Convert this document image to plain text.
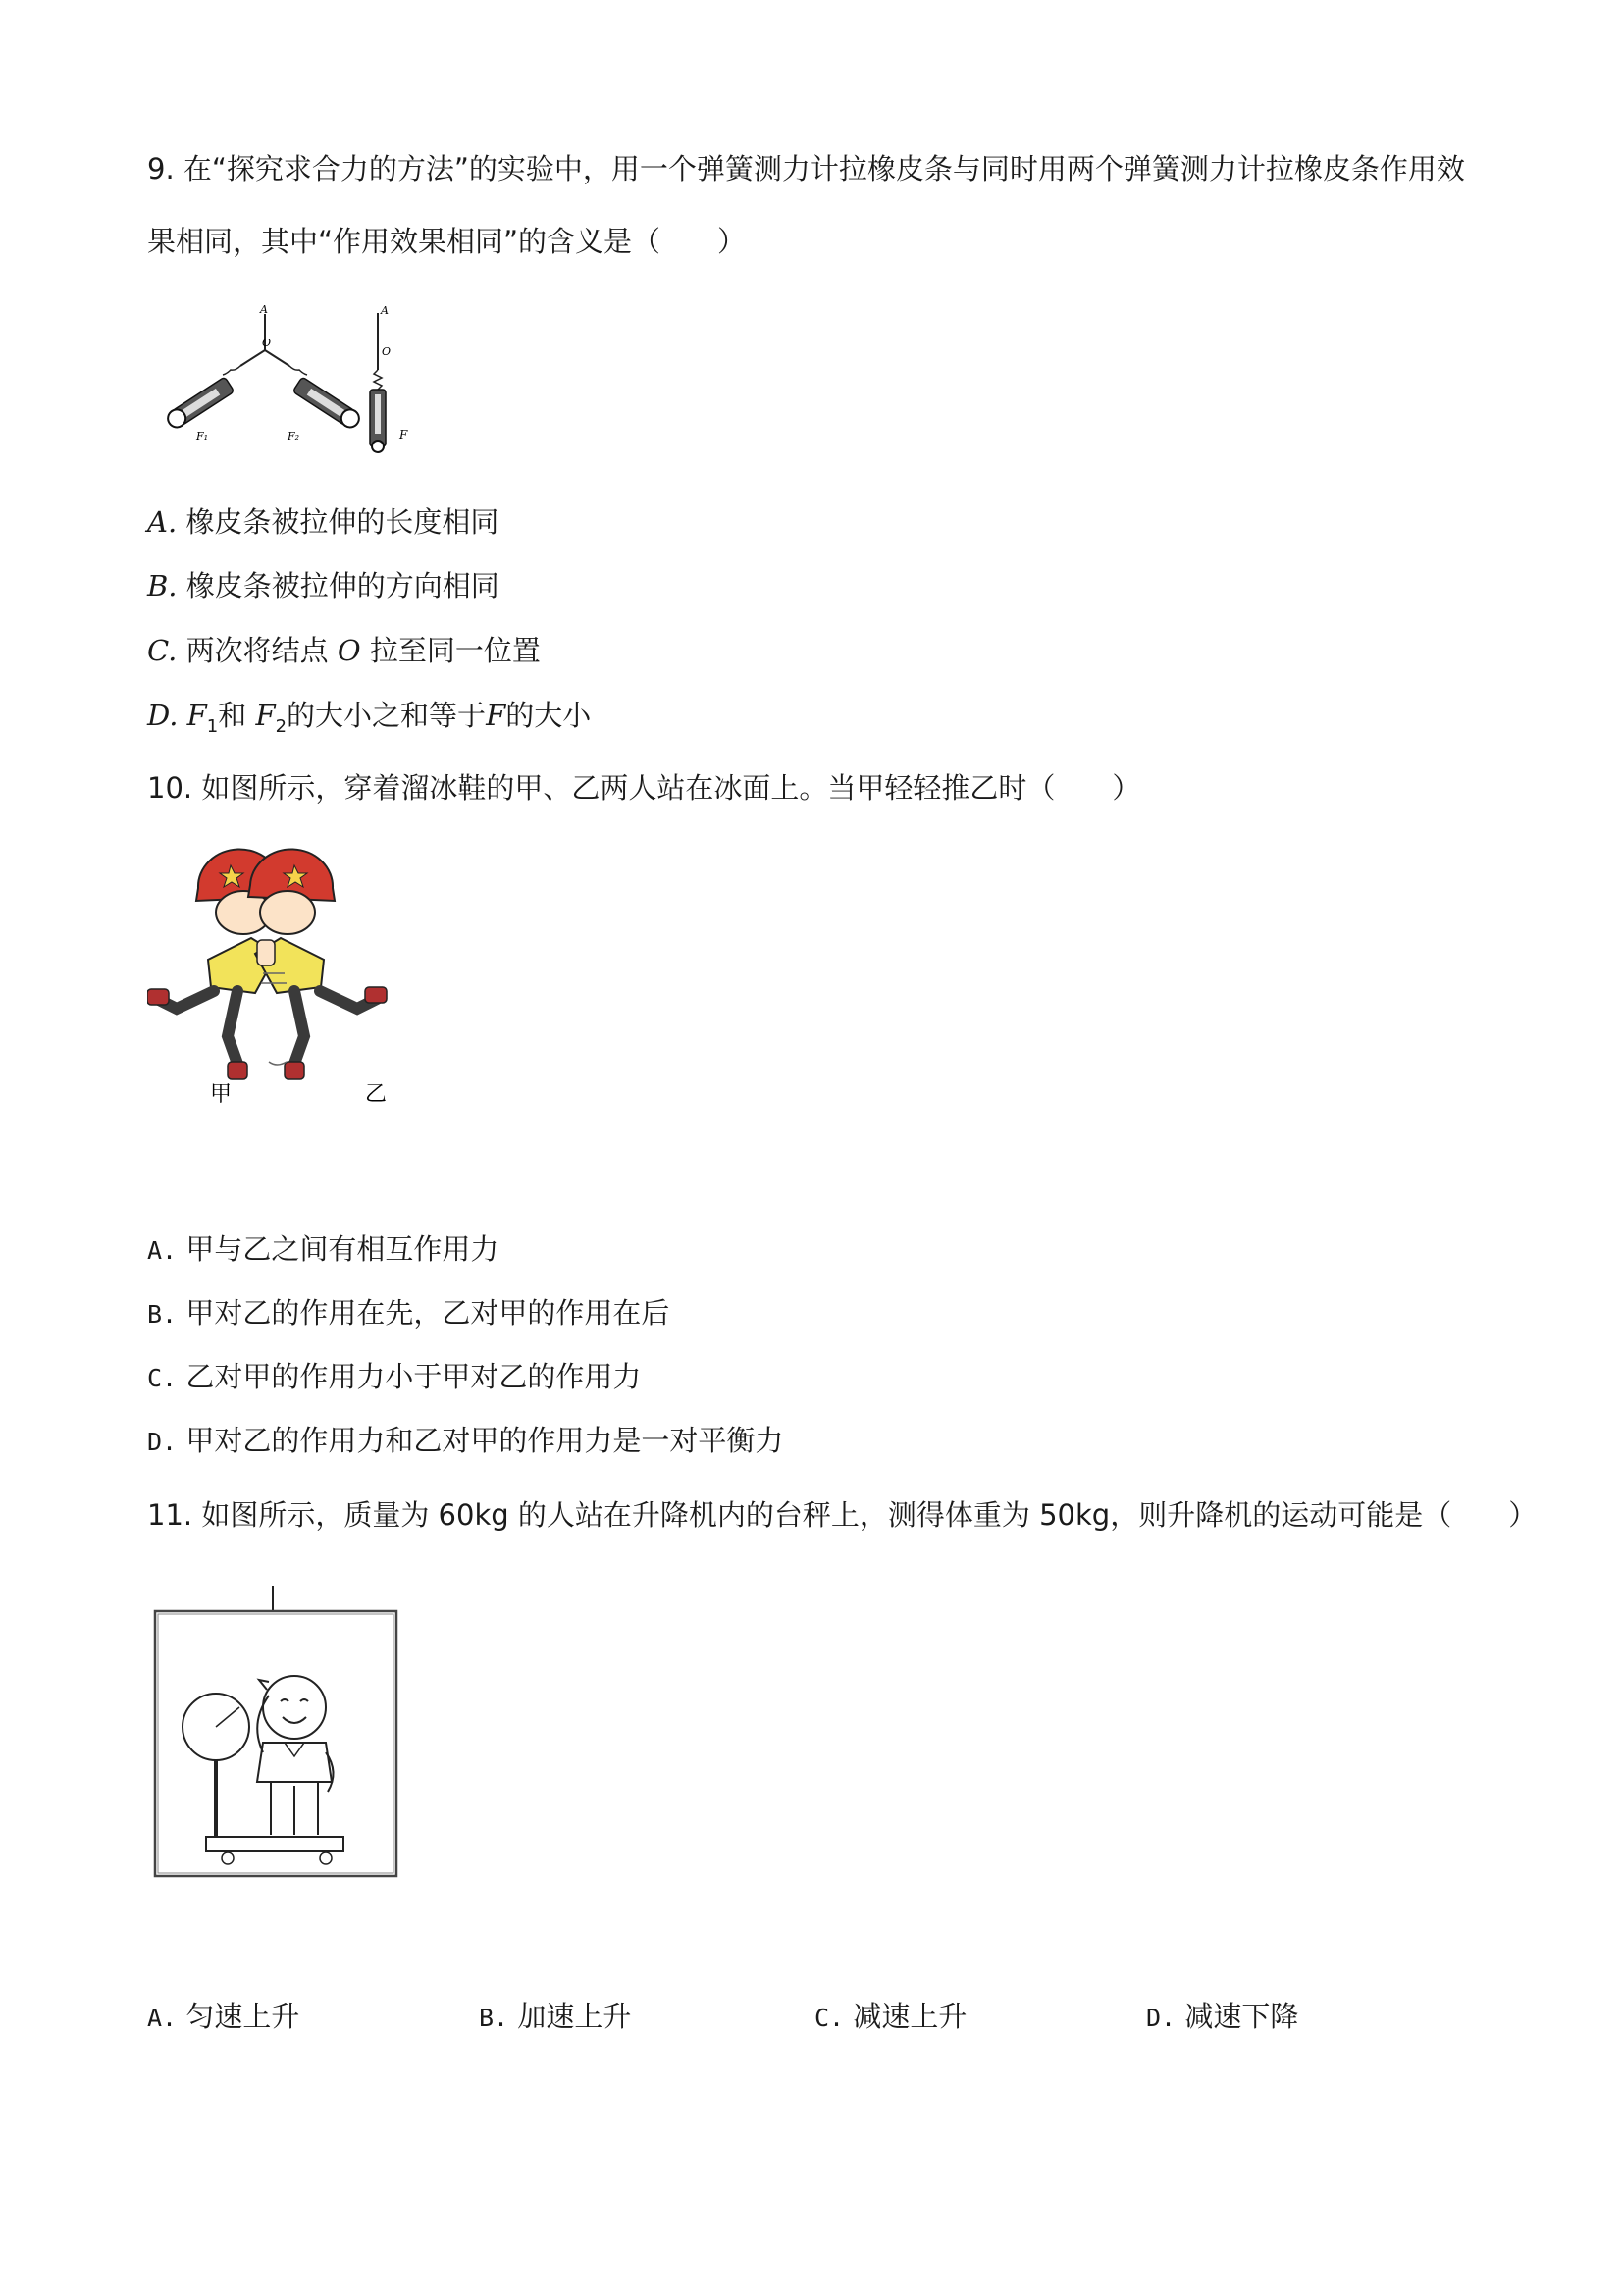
9. 在“探究求合力的方法”的实验中，用一个弹簧测力计拉橡皮条与同时用两个弹簧测力计拉橡皮条作用效
果相同，其中“作用效果相同”的含义是（　　）
A
O
F₁	F₂
A
O
F
A. 橡皮条被拉伸的长度相同
B. 橡皮条被拉伸的方向相同
C. 两次将结点 O 拉至同一位置
D. $F_1$和 $F_2$的大小之和等于F的大小
10. 如图所示，穿着溜冰鞋的甲、乙两人站在冰面上。当甲轻轻推乙时（　　）
甲	乙
A. 甲与乙之间有相互作用力
B. 甲对乙的作用在先，乙对甲的作用在后
C. 乙对甲的作用力小于甲对乙的作用力
D. 甲对乙的作用力和乙对甲的作用力是一对平衡力
11. 如图所示，质量为 60kg 的人站在升降机内的台秤上，测得体重为 50kg，则升降机的运动可能是（　　）
A. 匀速上升	B. 加速上升	C. 减速上升	D. 减速下降
